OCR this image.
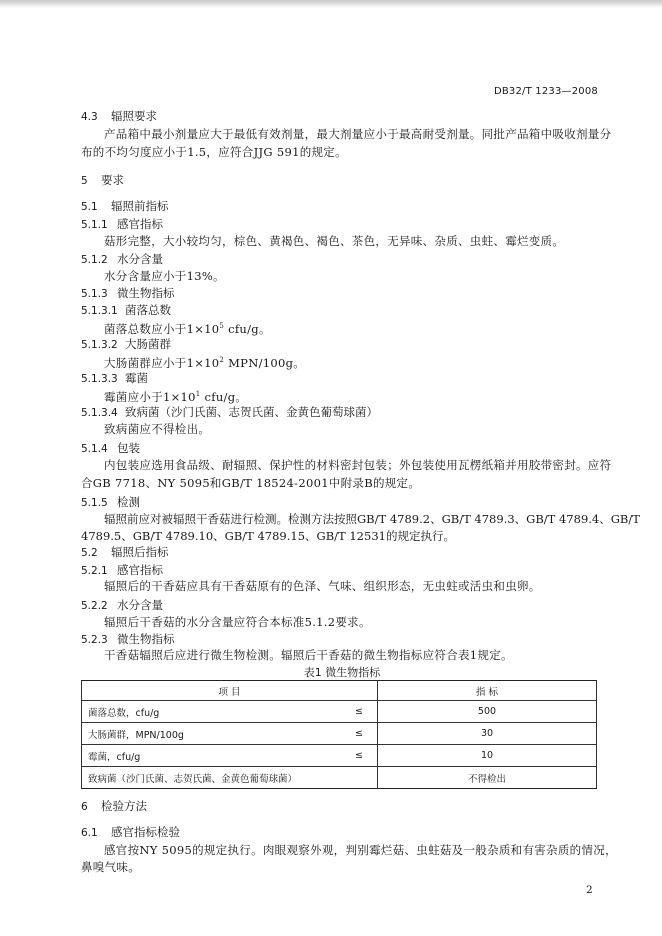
DB32/T 1233—2008
4.3 辐照要求
产品箱中最小剂量应大于最低有效剂量，最大剂量应小于最高耐受剂量。同批产品箱中吸收剂量分
布的不均匀度应小于1.5，应符合JJG 591的规定。
5 要求
5.1 辐照前指标
5.1.1 感官指标
菇形完整，大小较均匀，棕色、黄褐色、褐色、茶色，无异味、杂质、虫蛀、霉烂变质。
5.1.2 水分含量
水分含量应小于13%。
5.1.3 微生物指标
5.1.3.1 菌落总数
菌落总数应小于$1\times 10^5$ cfu/g。
5.1.3.2 大肠菌群
大肠菌群应小于$1\times 10^2$ MPN/100g。
5.1.3.3 霉菌
霉菌应小于$1\times 10^1$ cfu/g。
5.1.3.4 致病菌（沙门氏菌、志贺氏菌、金黄色葡萄球菌）
致病菌应不得检出。
5.1.4 包装
内包装应选用食品级、耐辐照、保护性的材料密封包装；外包装使用瓦楞纸箱并用胶带密封。应符
合GB 7718、NY 5095和GB/T 18524-2001中附录B的规定。
5.1.5 检测
辐照前应对被辐照干香菇进行检测。检测方法按照GB/T 4789.2、GB/T 4789.3、GB/T 4789.4、GB/T
4789.5、GB/T 4789.10、GB/T 4789.15、GB/T 12531的规定执行。
5.2 辐照后指标
5.2.1 感官指标
辐照后的干香菇应具有干香菇原有的色泽、气味、组织形态，无虫蛀或活虫和虫卵。
5.2.2 水分含量
辐照后干香菇的水分含量应符合本标准5.1.2要求。
5.2.3 微生物指标
干香菇辐照后应进行微生物检测。辐照后干香菇的微生物指标应符合表1规定。
表1 微生物指标
项 目		指 标
菌落总数，cfu/g	≤	500
大肠菌群，MPN/100g	≤	30
霉菌，cfu/g	≤	10
致病菌（沙门氏菌、志贺氏菌、金黄色葡萄球菌）		不得检出
6 检验方法
6.1 感官指标检验
感官按NY 5095的规定执行。肉眼观察外观，判别霉烂菇、虫蛀菇及一般杂质和有害杂质的情况，
鼻嗅气味。
2
